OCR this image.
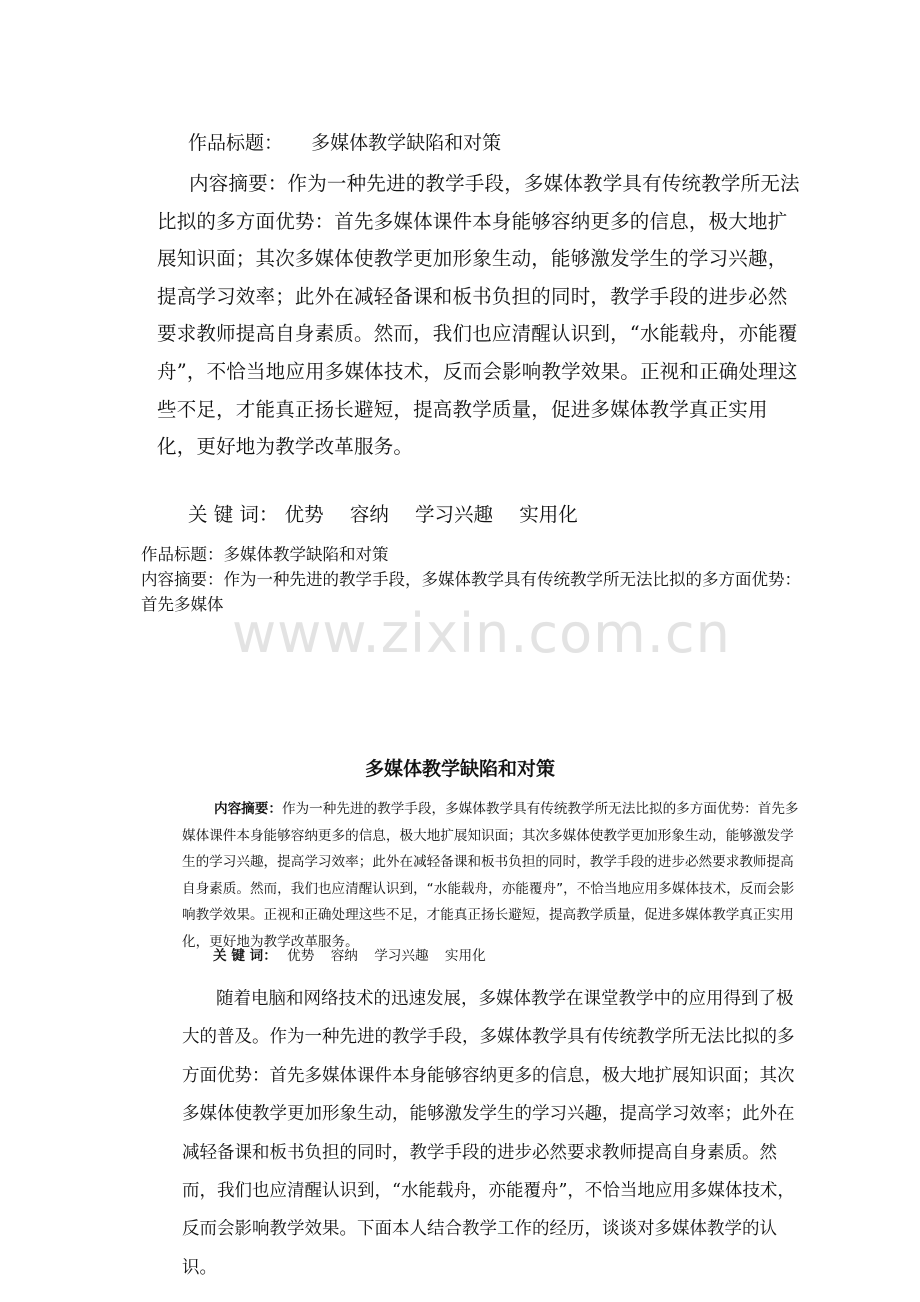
作品标题： 多媒体教学缺陷和对策
内容摘要：作为一种先进的教学手段，多媒体教学具有传统教学所无法比拟的多方面优势：首先多媒体课件本身能够容纳更多的信息，极大地扩展知识面；其次多媒体使教学更加形象生动，能够激发学生的学习兴趣，提高学习效率；此外在减轻备课和板书负担的同时，教学手段的进步必然要求教师提高自身素质。然而，我们也应清醒认识到，“水能载舟，亦能覆舟”，不恰当地应用多媒体技术，反而会影响教学效果。正视和正确处理这些不足，才能真正扬长避短，提高教学质量，促进多媒体教学真正实用化，更好地为教学改革服务。
关 键 词： 优势 容纳 学习兴趣 实用化
作品标题：多媒体教学缺陷和对策
内容摘要：作为一种先进的教学手段，多媒体教学具有传统教学所无法比拟的多方面优势：首先多媒体 www.zixin.com.cn
多媒体教学缺陷和对策
内容摘要：作为一种先进的教学手段，多媒体教学具有传统教学所无法比拟的多方面优势：首先多媒体课件本身能够容纳更多的信息，极大地扩展知识面；其次多媒体使教学更加形象生动，能够激发学生的学习兴趣，提高学习效率；此外在减轻备课和板书负担的同时，教学手段的进步必然要求教师提高自身素质。然而，我们也应清醒认识到，“水能载舟，亦能覆舟”，不恰当地应用多媒体技术，反而会影响教学效果。正视和正确处理这些不足，才能真正扬长避短，提高教学质量，促进多媒体教学真正实用化，更好地为教学改革服务。
关 键 词： 优势 容纳 学习兴趣 实用化
随着电脑和网络技术的迅速发展，多媒体教学在课堂教学中的应用得到了极大的普及。作为一种先进的教学手段，多媒体教学具有传统教学所无法比拟的多方面优势：首先多媒体课件本身能够容纳更多的信息，极大地扩展知识面；其次多媒体使教学更加形象生动，能够激发学生的学习兴趣，提高学习效率；此外在减轻备课和板书负担的同时，教学手段的进步必然要求教师提高自身素质。然而，我们也应清醒认识到，“水能载舟，亦能覆舟”，不恰当地应用多媒体技术，反而会影响教学效果。下面本人结合教学工作的经历，谈谈对多媒体教学的认识。
